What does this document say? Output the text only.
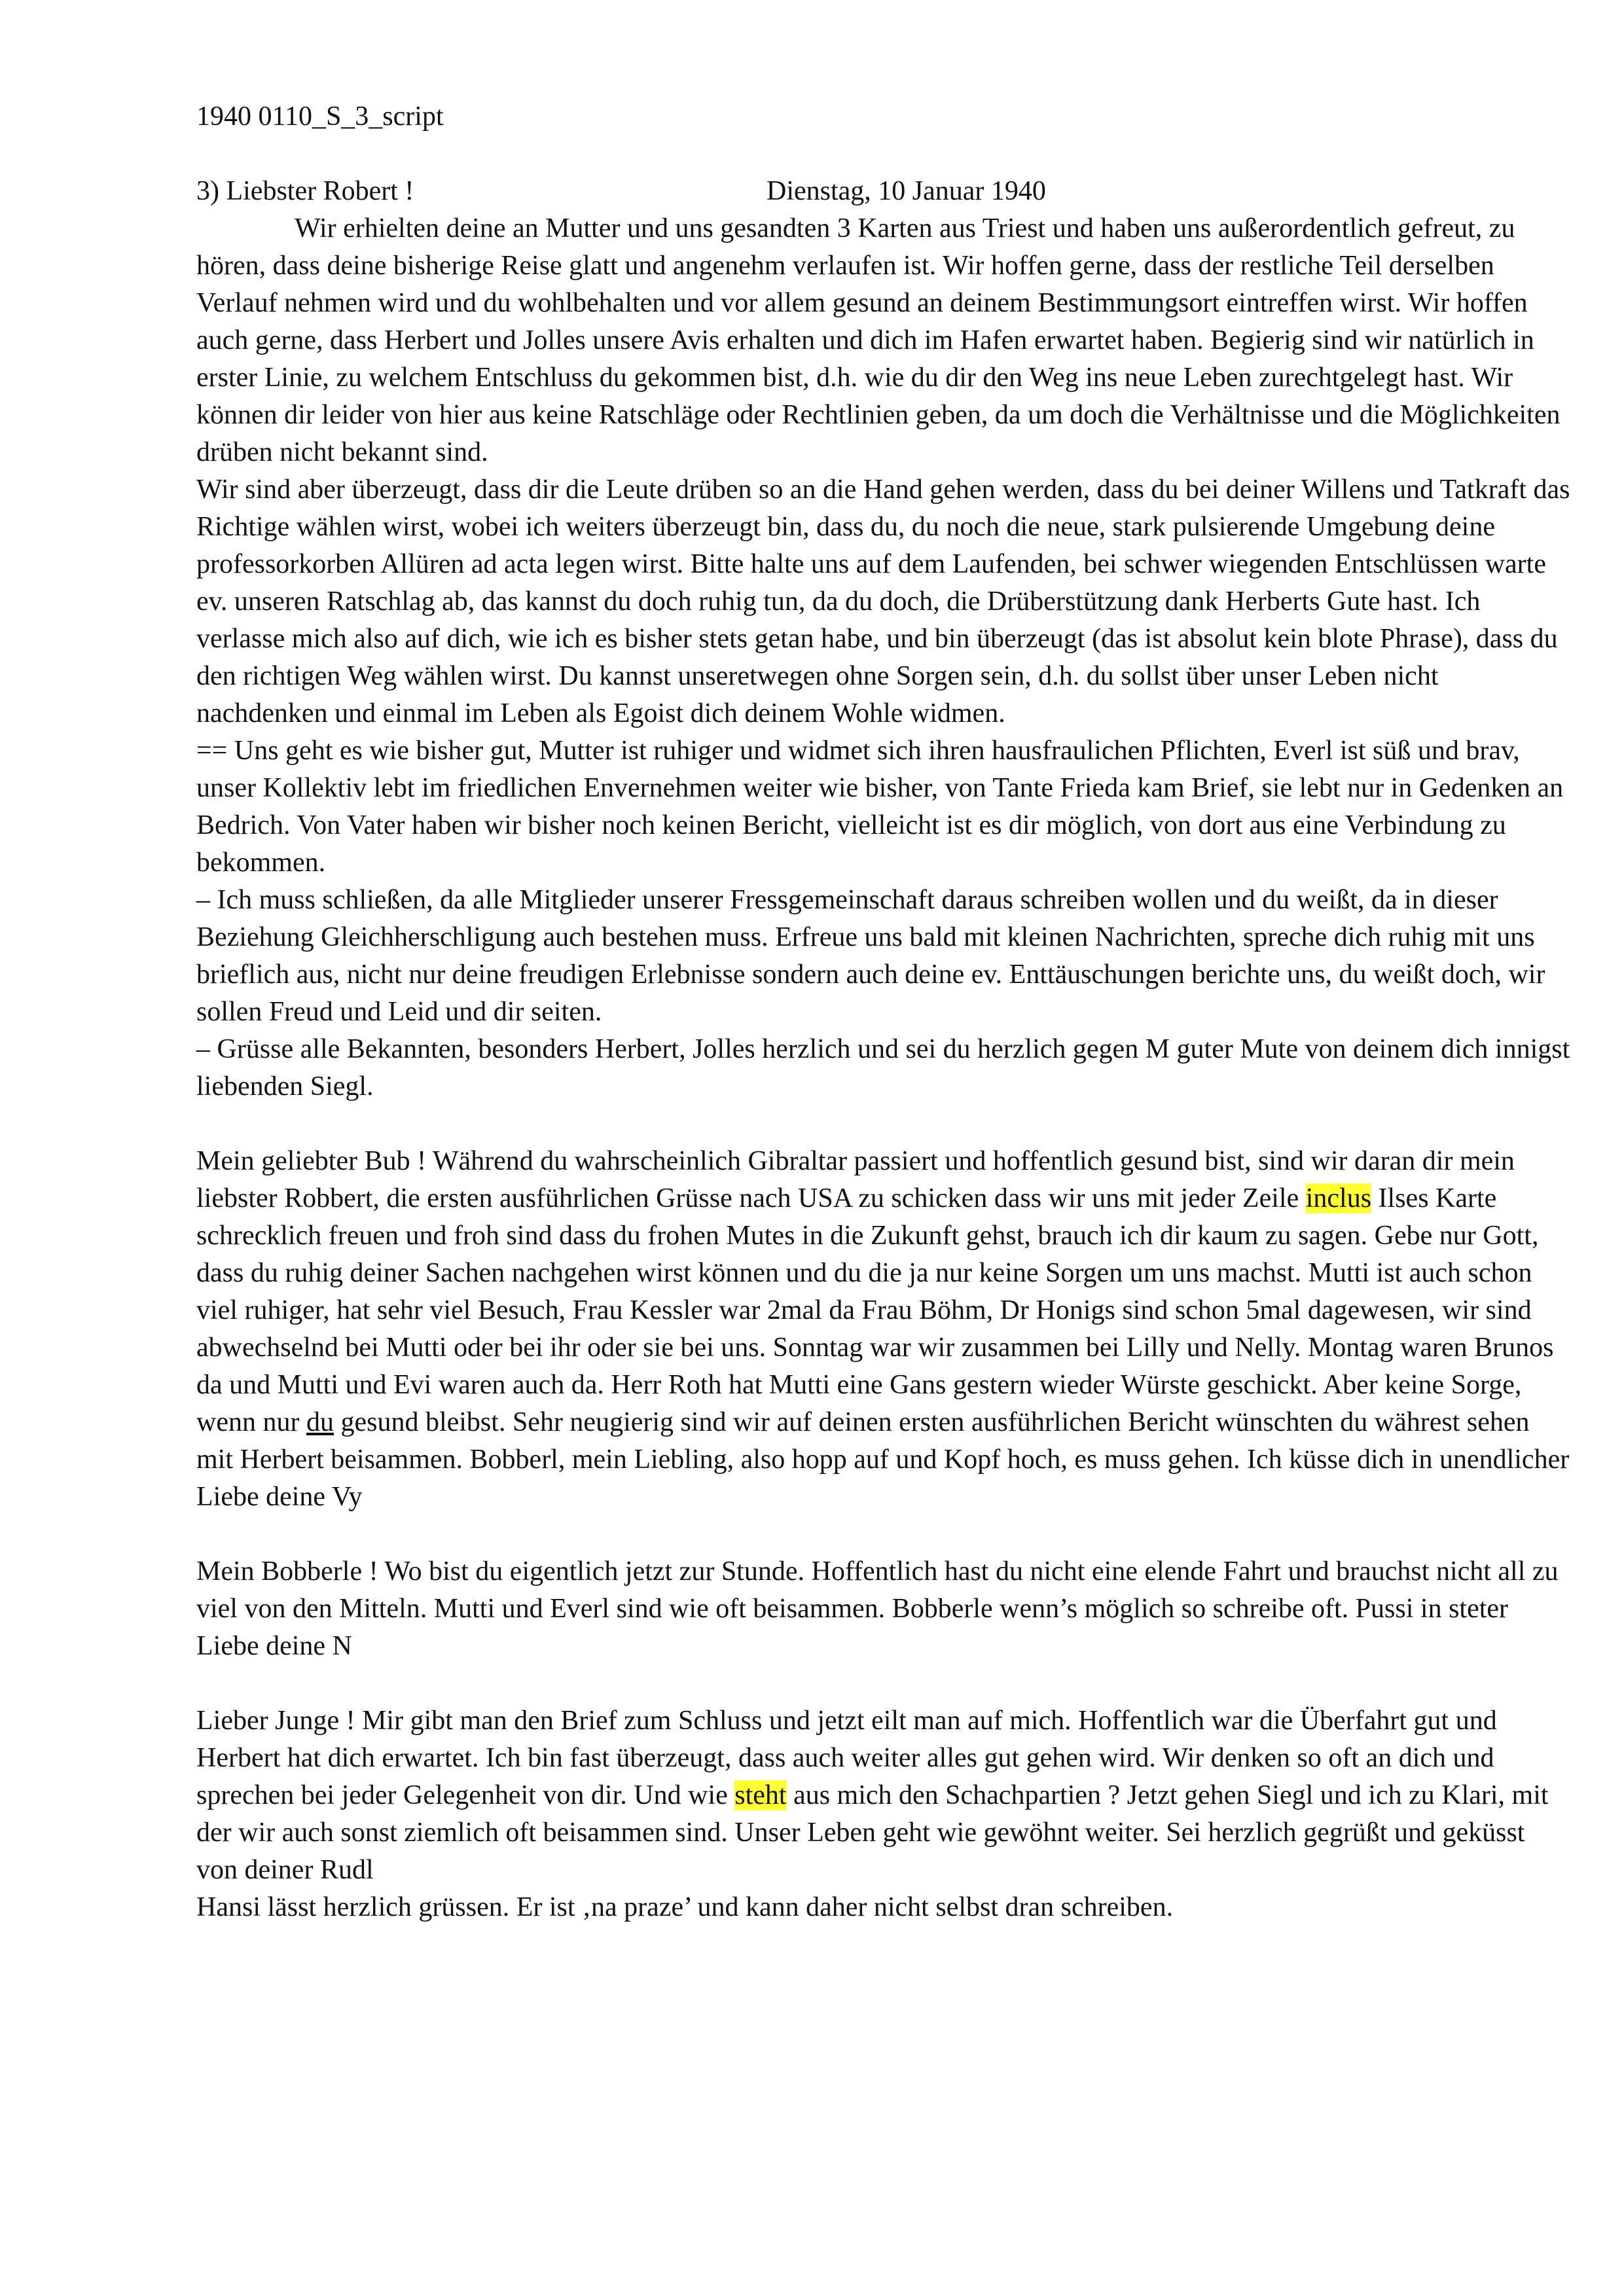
1940 0110_S_3_script

3) Liebster Robert !	Dienstag, 10 Januar 1940

Wir erhielten deine an Mutter und uns gesandten 3 Karten aus Triest und haben uns außerordentlich gefreut, zu hören, dass deine bisherige Reise glatt und angenehm verlaufen ist. Wir hoffen gerne, dass der restliche Teil derselben Verlauf nehmen wird und du wohlbehalten und vor allem gesund an deinem Bestimmungsort eintreffen wirst. Wir hoffen auch gerne, dass Herbert und Jolles unsere Avis erhalten und dich im Hafen erwartet haben. Begierig sind wir natürlich in erster Linie, zu welchem Entschluss du gekommen bist, d.h. wie du dir den Weg ins neue Leben zurechtgelegt hast. Wir können dir leider von hier aus keine Ratschläge oder Rechtlinien geben, da um doch die Verhältnisse und die Möglichkeiten drüben nicht bekannt sind.

Wir sind aber überzeugt, dass dir die Leute drüben so an die Hand gehen werden, dass du bei deiner Willens und Tatkraft das Richtige wählen wirst, wobei ich weiters überzeugt bin, dass du, du noch die neue, stark pulsierende Umgebung deine professorkorben Allüren ad acta legen wirst. Bitte halte uns auf dem Laufenden, bei schwer wiegenden Entschlüssen warte ev. unseren Ratschlag ab, das kannst du doch ruhig tun, da du doch, die Drüberstützung dank Herberts Gute hast. Ich verlasse mich also auf dich, wie ich es bisher stets getan habe, und bin überzeugt (das ist absolut kein blote Phrase), dass du den richtigen Weg wählen wirst. Du kannst unseretwegen ohne Sorgen sein, d.h. du sollst über unser Leben nicht nachdenken und einmal im Leben als Egoist dich deinem Wohle widmen.

== Uns geht es wie bisher gut, Mutter ist ruhiger und widmet sich ihren hausfraulichen Pflichten, Everl ist süß und brav, unser Kollektiv lebt im friedlichen Envernehmen weiter wie bisher, von Tante Frieda kam Brief, sie lebt nur in Gedenken an Bedrich. Von Vater haben wir bisher noch keinen Bericht, vielleicht ist es dir möglich, von dort aus eine Verbindung zu bekommen.

– Ich muss schließen, da alle Mitglieder unserer Fressgemeinschaft daraus schreiben wollen und du weißt, da in dieser Beziehung Gleichherschligung auch bestehen muss. Erfreue uns bald mit kleinen Nachrichten, spreche dich ruhig mit uns brieflich aus, nicht nur deine freudigen Erlebnisse sondern auch deine ev. Enttäuschungen berichte uns, du weißt doch, wir sollen Freud und Leid und dir seiten.

– Grüsse alle Bekannten, besonders Herbert, Jolles herzlich und sei du herzlich gegen M guter Mute von deinem dich innigst liebenden Siegl.

Mein geliebter Bub ! Während du wahrscheinlich Gibraltar passiert und hoffentlich gesund bist, sind wir daran dir mein liebster Robbert, die ersten ausführlichen Grüsse nach USA zu schicken dass wir uns mit jeder Zeile inclus Ilses Karte schrecklich freuen und froh sind dass du frohen Mutes in die Zukunft gehst, brauch ich dir kaum zu sagen. Gebe nur Gott, dass du ruhig deiner Sachen nachgehen wirst können und du die ja nur keine Sorgen um uns machst. Mutti ist auch schon viel ruhiger, hat sehr viel Besuch, Frau Kessler war 2mal da Frau Böhm, Dr Honigs sind schon 5mal dagewesen, wir sind abwechselnd bei Mutti oder bei ihr oder sie bei uns. Sonntag war wir zusammen bei Lilly und Nelly. Montag waren Brunos da und Mutti und Evi waren auch da. Herr Roth hat Mutti eine Gans gestern wieder Würste geschickt. Aber keine Sorge, wenn nur du gesund bleibst. Sehr neugierig sind wir auf deinen ersten ausführlichen Bericht wünschten du währest sehen mit Herbert beisammen. Bobberl, mein Liebling, also hopp auf und Kopf hoch, es muss gehen. Ich küsse dich in unendlicher Liebe deine Vy

Mein Bobberle ! Wo bist du eigentlich jetzt zur Stunde. Hoffentlich hast du nicht eine elende Fahrt und brauchst nicht all zu viel von den Mitteln. Mutti und Everl sind wie oft beisammen. Bobberle wenn’s möglich so schreibe oft. Pussi in steter Liebe deine N

Lieber Junge ! Mir gibt man den Brief zum Schluss und jetzt eilt man auf mich. Hoffentlich war die Überfahrt gut und Herbert hat dich erwartet. Ich bin fast überzeugt, dass auch weiter alles gut gehen wird. Wir denken so oft an dich und sprechen bei jeder Gelegenheit von dir. Und wie steht aus mich den Schachpartien ? Jetzt gehen Siegl und ich zu Klari, mit der wir auch sonst ziemlich oft beisammen sind. Unser Leben geht wie gewöhnt weiter. Sei herzlich gegrüßt und geküsst von deiner Rudl

Hansi lässt herzlich grüssen. Er ist ‚na praze’ und kann daher nicht selbst dran schreiben.
